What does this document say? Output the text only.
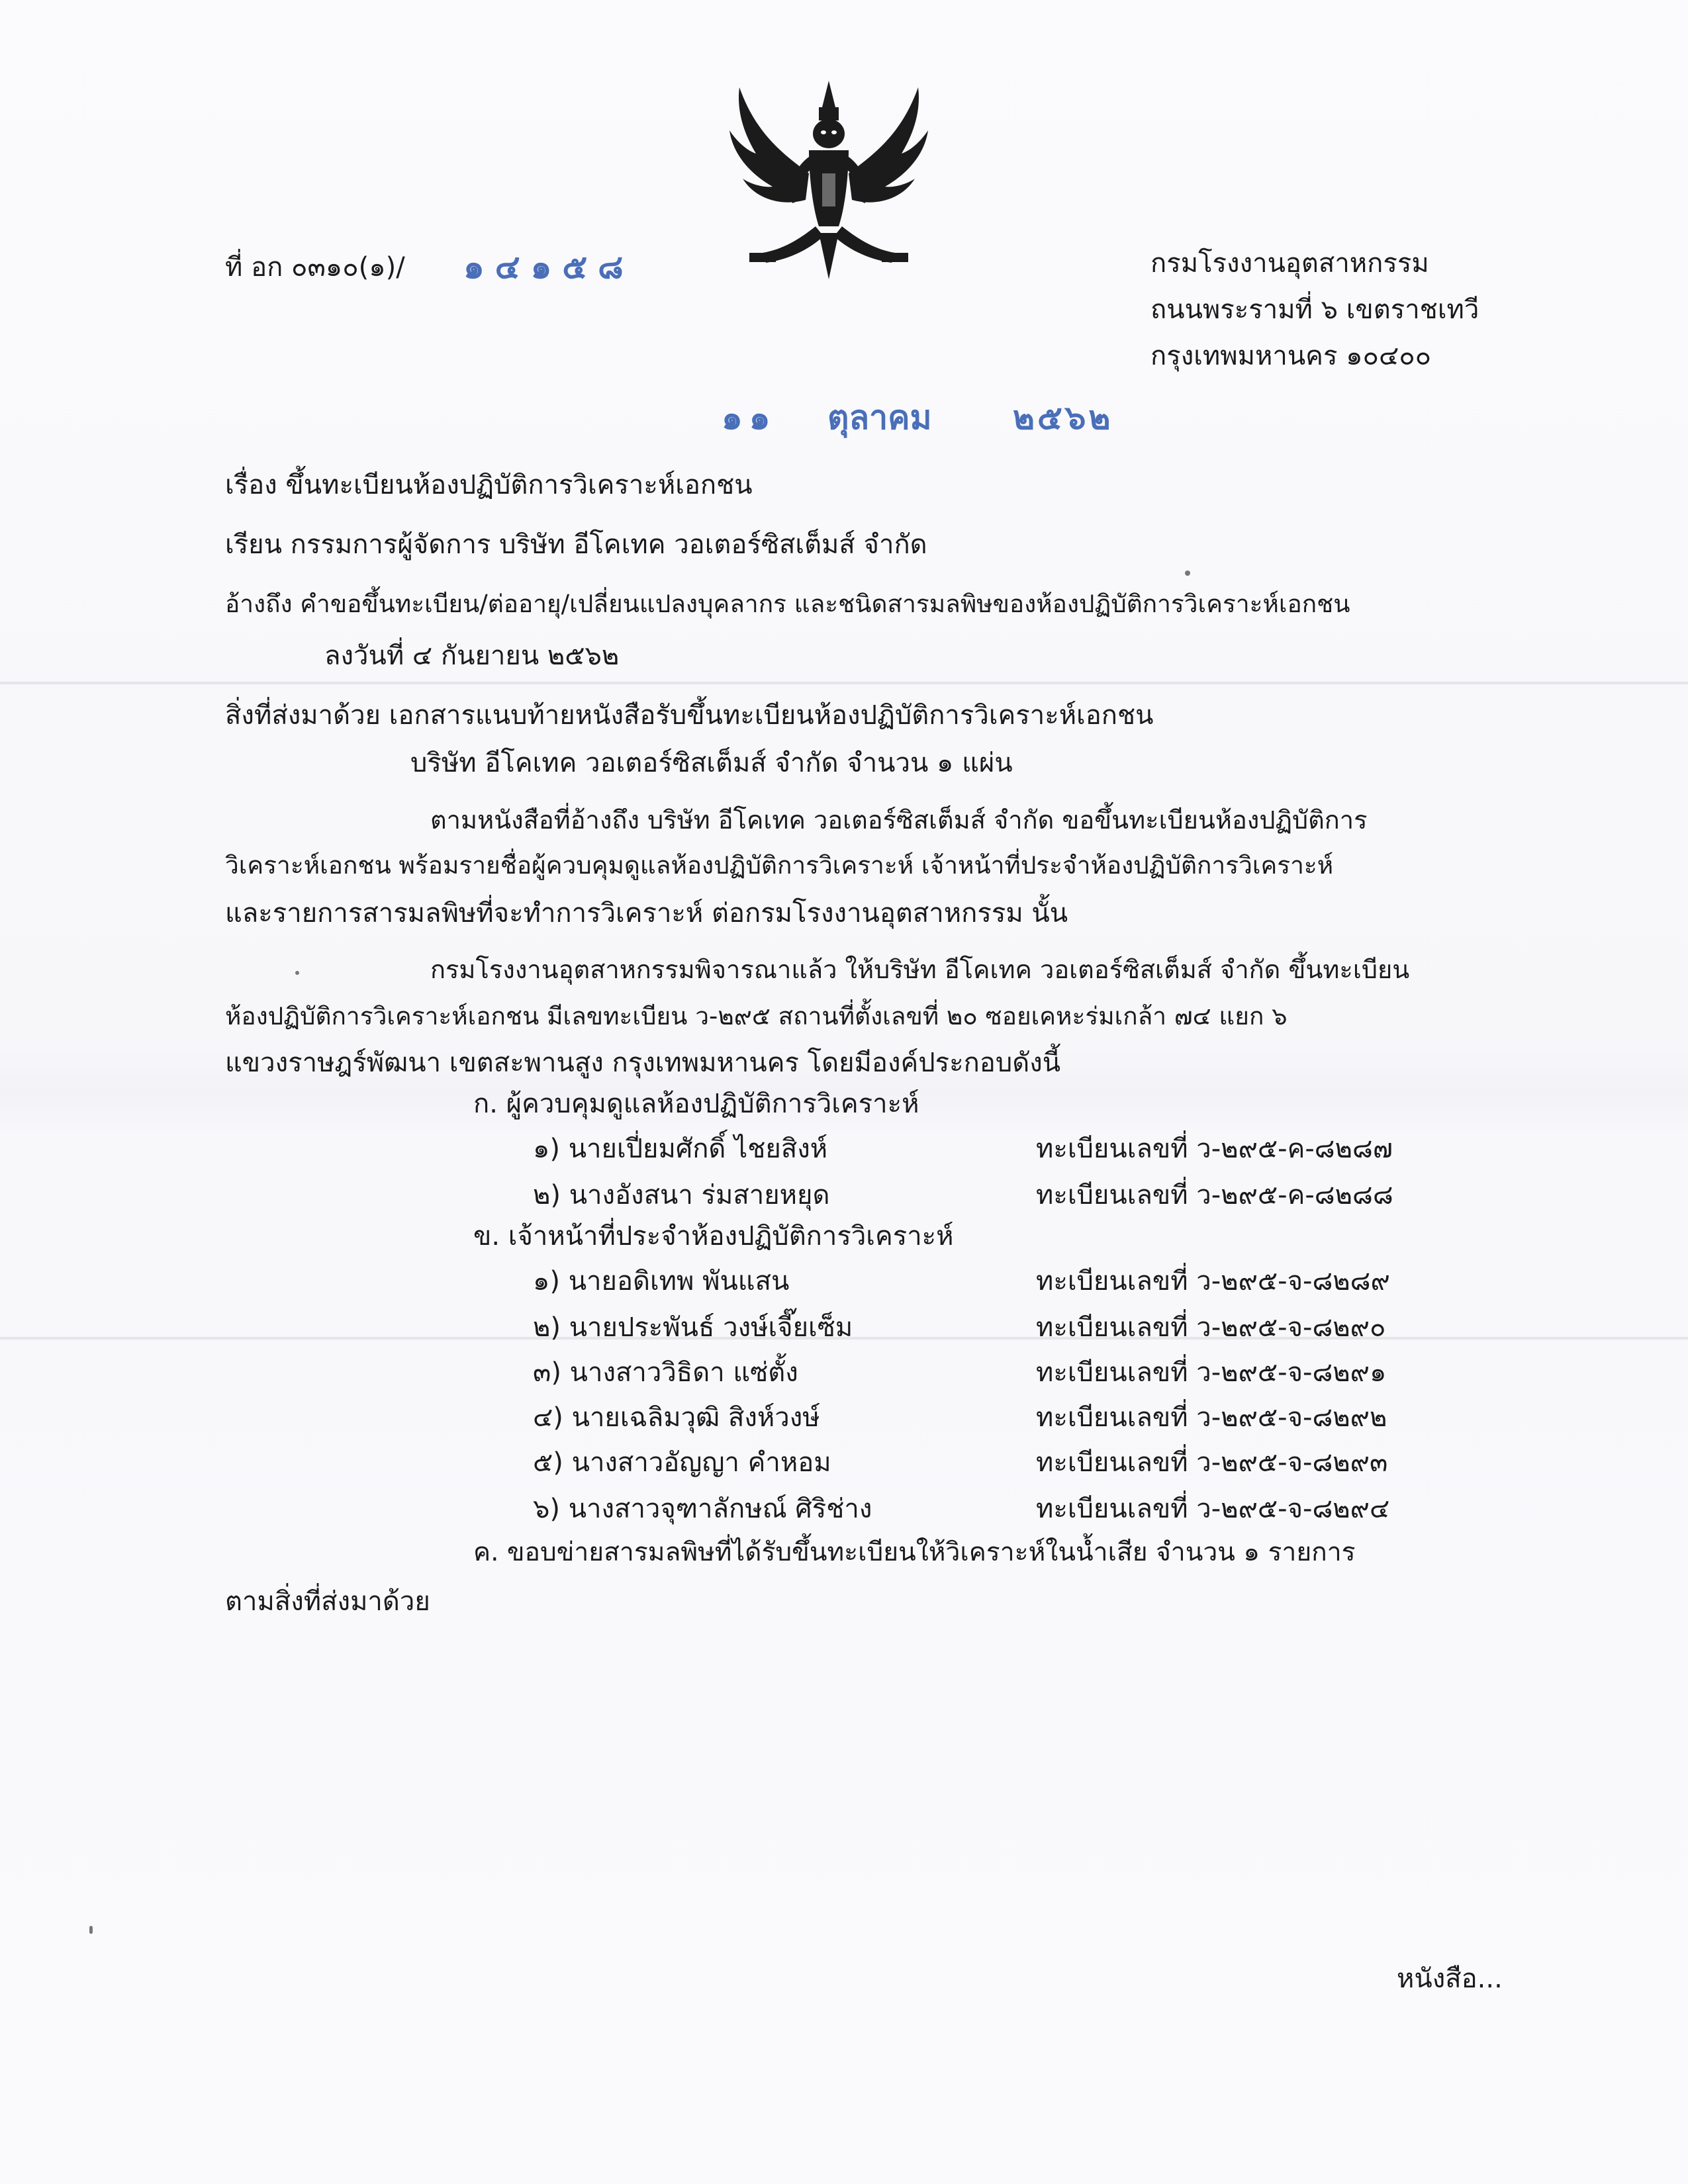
ที่ อก ๐๓๑๐(๑)/ ๑๔๑๕๘	กรมโรงงานอุตสาหกรรม
ถนนพระรามที่ ๖ เขตราชเทวี
กรุงเทพมหานคร ๑๐๔๐๐
๑๑ ตุลาคม ๒๕๖๒
เรื่อง ขึ้นทะเบียนห้องปฏิบัติการวิเคราะห์เอกชน
เรียน กรรมการผู้จัดการ บริษัท อีโคเทค วอเตอร์ซิสเต็มส์ จำกัด
อ้างถึง คำขอขึ้นทะเบียน/ต่ออายุ/เปลี่ยนแปลงบุคลากร และชนิดสารมลพิษของห้องปฏิบัติการวิเคราะห์เอกชน
ลงวันที่ ๔ กันยายน ๒๕๖๒
สิ่งที่ส่งมาด้วย เอกสารแนบท้ายหนังสือรับขึ้นทะเบียนห้องปฏิบัติการวิเคราะห์เอกชน
บริษัท อีโคเทค วอเตอร์ซิสเต็มส์ จำกัด จำนวน ๑ แผ่น
ตามหนังสือที่อ้างถึง บริษัท อีโคเทค วอเตอร์ซิสเต็มส์ จำกัด ขอขึ้นทะเบียนห้องปฏิบัติการ
วิเคราะห์เอกชน พร้อมรายชื่อผู้ควบคุมดูแลห้องปฏิบัติการวิเคราะห์ เจ้าหน้าที่ประจำห้องปฏิบัติการวิเคราะห์
และรายการสารมลพิษที่จะทำการวิเคราะห์ ต่อกรมโรงงานอุตสาหกรรม นั้น
กรมโรงงานอุตสาหกรรมพิจารณาแล้ว ให้บริษัท อีโคเทค วอเตอร์ซิสเต็มส์ จำกัด ขึ้นทะเบียน
ห้องปฏิบัติการวิเคราะห์เอกชน มีเลขทะเบียน ว-๒๙๕ สถานที่ตั้งเลขที่ ๒๐ ซอยเคหะร่มเกล้า ๗๔ แยก ๖
แขวงราษฎร์พัฒนา เขตสะพานสูง กรุงเทพมหานคร โดยมีองค์ประกอบดังนี้
ก. ผู้ควบคุมดูแลห้องปฏิบัติการวิเคราะห์
๑) นายเปี่ยมศักดิ์ ไชยสิงห์	ทะเบียนเลขที่ ว-๒๙๕-ค-๘๒๘๗
๒) นางอังสนา ร่มสายหยุด	ทะเบียนเลขที่ ว-๒๙๕-ค-๘๒๘๘
ข. เจ้าหน้าที่ประจำห้องปฏิบัติการวิเคราะห์
๑) นายอดิเทพ พันแสน	ทะเบียนเลขที่ ว-๒๙๕-จ-๘๒๘๙
๒) นายประพันธ์ วงษ์เจี๊ยเซ็ม	ทะเบียนเลขที่ ว-๒๙๕-จ-๘๒๙๐
๓) นางสาววิธิดา แซ่ตั้ง	ทะเบียนเลขที่ ว-๒๙๕-จ-๘๒๙๑
๔) นายเฉลิมวุฒิ สิงห์วงษ์	ทะเบียนเลขที่ ว-๒๙๕-จ-๘๒๙๒
๕) นางสาวอัญญา คำหอม	ทะเบียนเลขที่ ว-๒๙๕-จ-๘๒๙๓
๖) นางสาวจุฑาลักษณ์ ศิริช่าง	ทะเบียนเลขที่ ว-๒๙๕-จ-๘๒๙๔
ค. ขอบข่ายสารมลพิษที่ได้รับขึ้นทะเบียนให้วิเคราะห์ในน้ำเสีย จำนวน ๑ รายการ
ตามสิ่งที่ส่งมาด้วย
หนังสือ...
